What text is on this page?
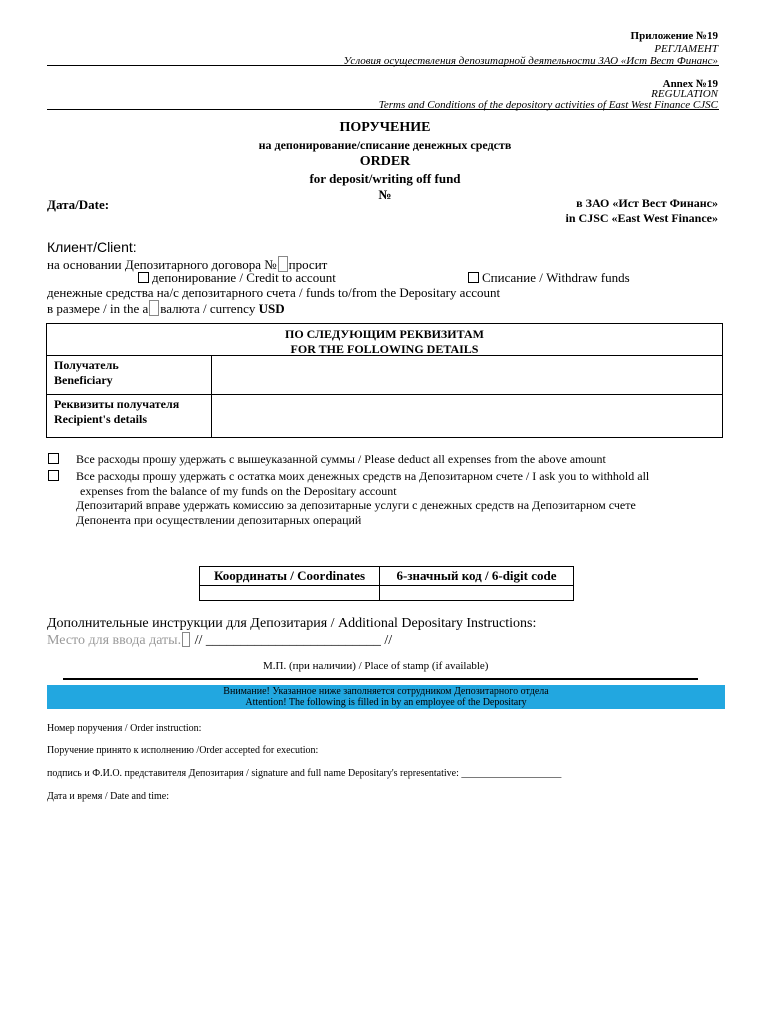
Приложение №19
РЕГЛАМЕНТ
Условия осуществления депозитарной деятельности ЗАО «Ист Вест Финанс»
Annex №19
REGULATION
Terms and Conditions of the depository activities of East West Finance CJSC
ПОРУЧЕНИЕ
на депонирование/списание денежных средств
ORDER
for deposit/writing off fund
№
Дата/Date:	в ЗАО «Ист Вест Финанс»
in CJSC «East West Finance»
Клиент/Client:
на основании Депозитарного договора № просит
депонирование / Credit to account	Списание / Withdraw funds
денежные средства на/с депозитарного счета / funds to/from the Depositary account
в размере / in the a валюта / currency USD
ПО СЛЕДУЮЩИМ РЕКВИЗИТАМ
FOR THE FOLLOWING DETAILS
Получатель
Beneficiary
Реквизиты получателя
Recipient's details
Все расходы прошу удержать с вышеуказанной суммы / Please deduct all expenses from the above amount
Все расходы прошу удержать с остатка моих денежных средств на Депозитарном счете / I ask you to withhold all
expenses from the balance of my funds on the Depositary account
Депозитарий вправе удержать комиссию за депозитарные услуги с денежных средств на Депозитарном счете
Депонента при осуществлении депозитарных операций
Координаты / Coordinates	6-значный код / 6-digit code
Дополнительные инструкции для Депозитария / Additional Depositary Instructions:
Место для ввода даты. // _________________________ //
М.П. (при наличии) / Place of stamp (if available)
Внимание! Указанное ниже заполняется сотрудником Депозитарного отдела
Attention! The following is filled in by an employee of the Depositary
Номер поручения / Order instruction:
Поручение принято к исполнению /Order accepted for execution:
подпись и Ф.И.О. представителя Депозитария / signature and full name Depositary's representative: ____________________
Дата и время / Date and time:
